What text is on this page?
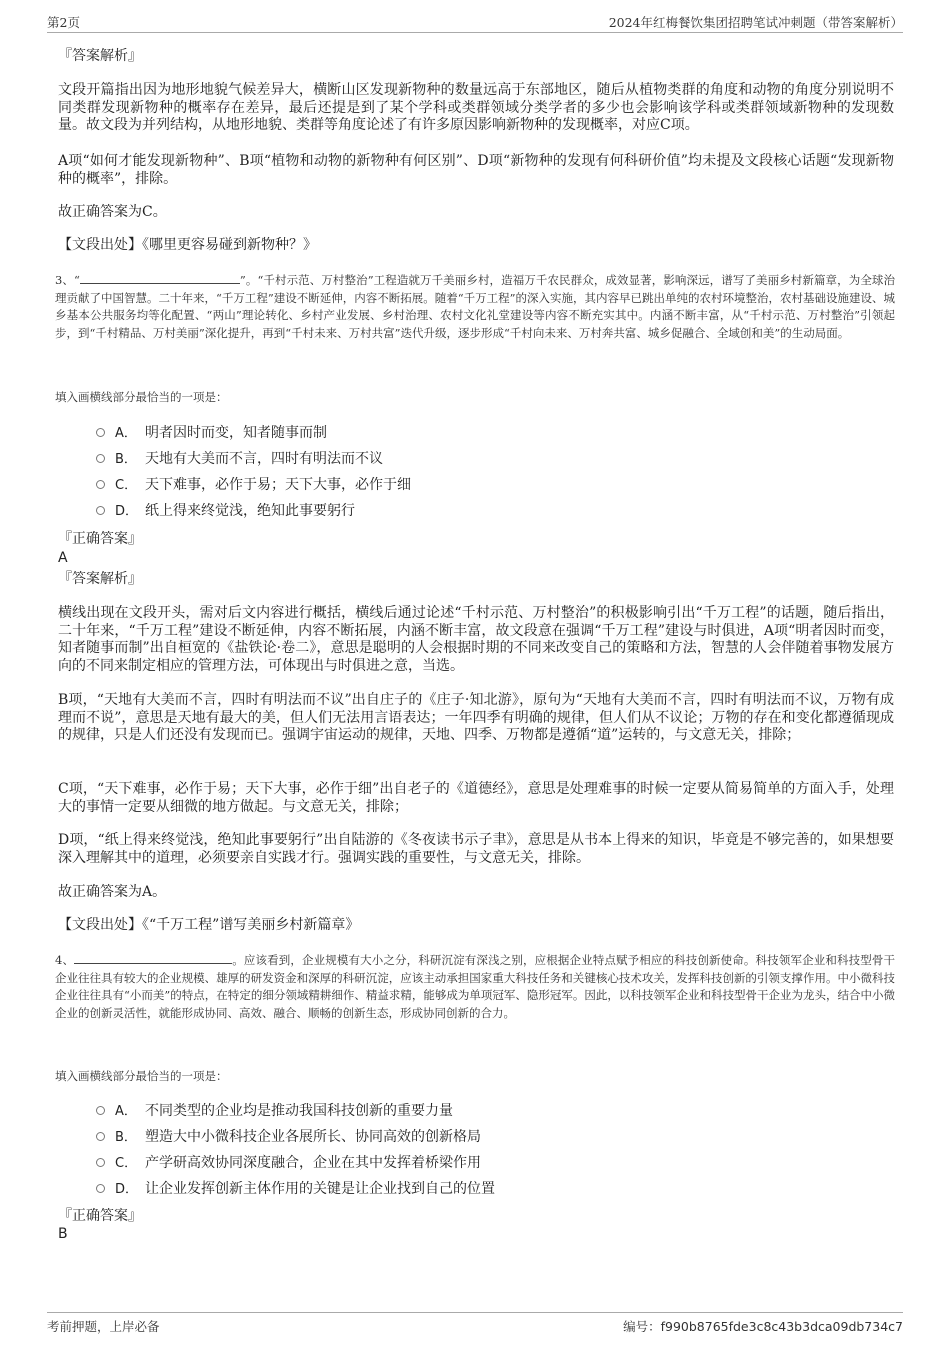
第2页	2024年红梅餐饮集团招聘笔试冲刺题（带答案解析）
『答案解析』

文段开篇指出因为地形地貌气候差异大，横断山区发现新物种的数量远高于东部地区，随后从植物类群的角度和动物的角度分别说明不同类群发现新物种的概率存在差异，最后还提是到了某个学科或类群领域分类学者的多少也会影响该学科或类群领域新物种的发现数量。故文段为并列结构，从地形地貌、类群等角度论述了有许多原因影响新物种的发现概率，对应C项。

A项“如何才能发现新物种”、B项“植物和动物的新物种有何区别”、D项“新物种的发现有何科研价值”均未提及文段核心话题“发现新物种的概率”，排除。

故正确答案为C。

【文段出处】《哪里更容易碰到新物种？》

3、“	”。“千村示范、万村整治”工程造就万千美丽乡村，造福万千农民群众，成效显著，影响深远，谱写了美丽乡村新篇章，为全球治理贡献了中国智慧。二十年来，“千万工程”建设不断延伸，内容不断拓展。随着“千万工程”的深入实施，其内容早已跳出单纯的农村环境整治，农村基础设施建设、城乡基本公共服务均等化配置、“两山”理论转化、乡村产业发展、乡村治理、农村文化礼堂建设等内容不断充实其中。内涵不断丰富，从“千村示范、万村整治”引领起步，到“千村精品、万村美丽”深化提升，再到“千村未来、万村共富”迭代升级，逐步形成“千村向未来、万村奔共富、城乡促融合、全域创和美”的生动局面。

填入画横线部分最恰当的一项是：
A． 明者因时而变，知者随事而制
B． 天地有大美而不言，四时有明法而不议
C． 天下难事，必作于易；天下大事，必作于细
D． 纸上得来终觉浅，绝知此事要躬行
『正确答案』
A
『答案解析』

横线出现在文段开头，需对后文内容进行概括，横线后通过论述“千村示范、万村整治”的积极影响引出“千万工程”的话题，随后指出，二十年来，“千万工程”建设不断延伸，内容不断拓展，内涵不断丰富，故文段意在强调“千万工程”建设与时俱进，A项“明者因时而变，知者随事而制”出自桓宽的《盐铁论·卷二》，意思是聪明的人会根据时期的不同来改变自己的策略和方法，智慧的人会伴随着事物发展方向的不同来制定相应的管理方法，可体现出与时俱进之意，当选。

B项，“天地有大美而不言，四时有明法而不议”出自庄子的《庄子·知北游》，原句为“天地有大美而不言，四时有明法而不议，万物有成理而不说”，意思是天地有最大的美，但人们无法用言语表达；一年四季有明确的规律，但人们从不议论；万物的存在和变化都遵循现成的规律，只是人们还没有发现而已。强调宇宙运动的规律，天地、四季、万物都是遵循“道”运转的，与文意无关，排除；

C项，“天下难事，必作于易；天下大事，必作于细”出自老子的《道德经》，意思是处理难事的时候一定要从简易简单的方面入手，处理大的事情一定要从细微的地方做起。与文意无关，排除；

D项，“纸上得来终觉浅，绝知此事要躬行”出自陆游的《冬夜读书示子聿》，意思是从书本上得来的知识，毕竟是不够完善的，如果想要深入理解其中的道理，必须要亲自实践才行。强调实践的重要性，与文意无关，排除。

故正确答案为A。

【文段出处】《“千万工程”谱写美丽乡村新篇章》

4、	。应该看到，企业规模有大小之分，科研沉淀有深浅之别，应根据企业特点赋予相应的科技创新使命。科技领军企业和科技型骨干企业往往具有较大的企业规模、雄厚的研发资金和深厚的科研沉淀，应该主动承担国家重大科技任务和关键核心技术攻关，发挥科技创新的引领支撑作用。中小微科技企业往往具有“小而美”的特点，在特定的细分领域精耕细作、精益求精，能够成为单项冠军、隐形冠军。因此，以科技领军企业和科技型骨干企业为龙头，结合中小微企业的创新灵活性，就能形成协同、高效、融合、顺畅的创新生态，形成协同创新的合力。

填入画横线部分最恰当的一项是：
A． 不同类型的企业均是推动我国科技创新的重要力量
B． 塑造大中小微科技企业各展所长、协同高效的创新格局
C． 产学研高效协同深度融合，企业在其中发挥着桥梁作用
D． 让企业发挥创新主体作用的关键是让企业找到自己的位置
『正确答案』
B
考前押题，上岸必备	编号：f990b8765fde3c8c43b3dca09db734c7
